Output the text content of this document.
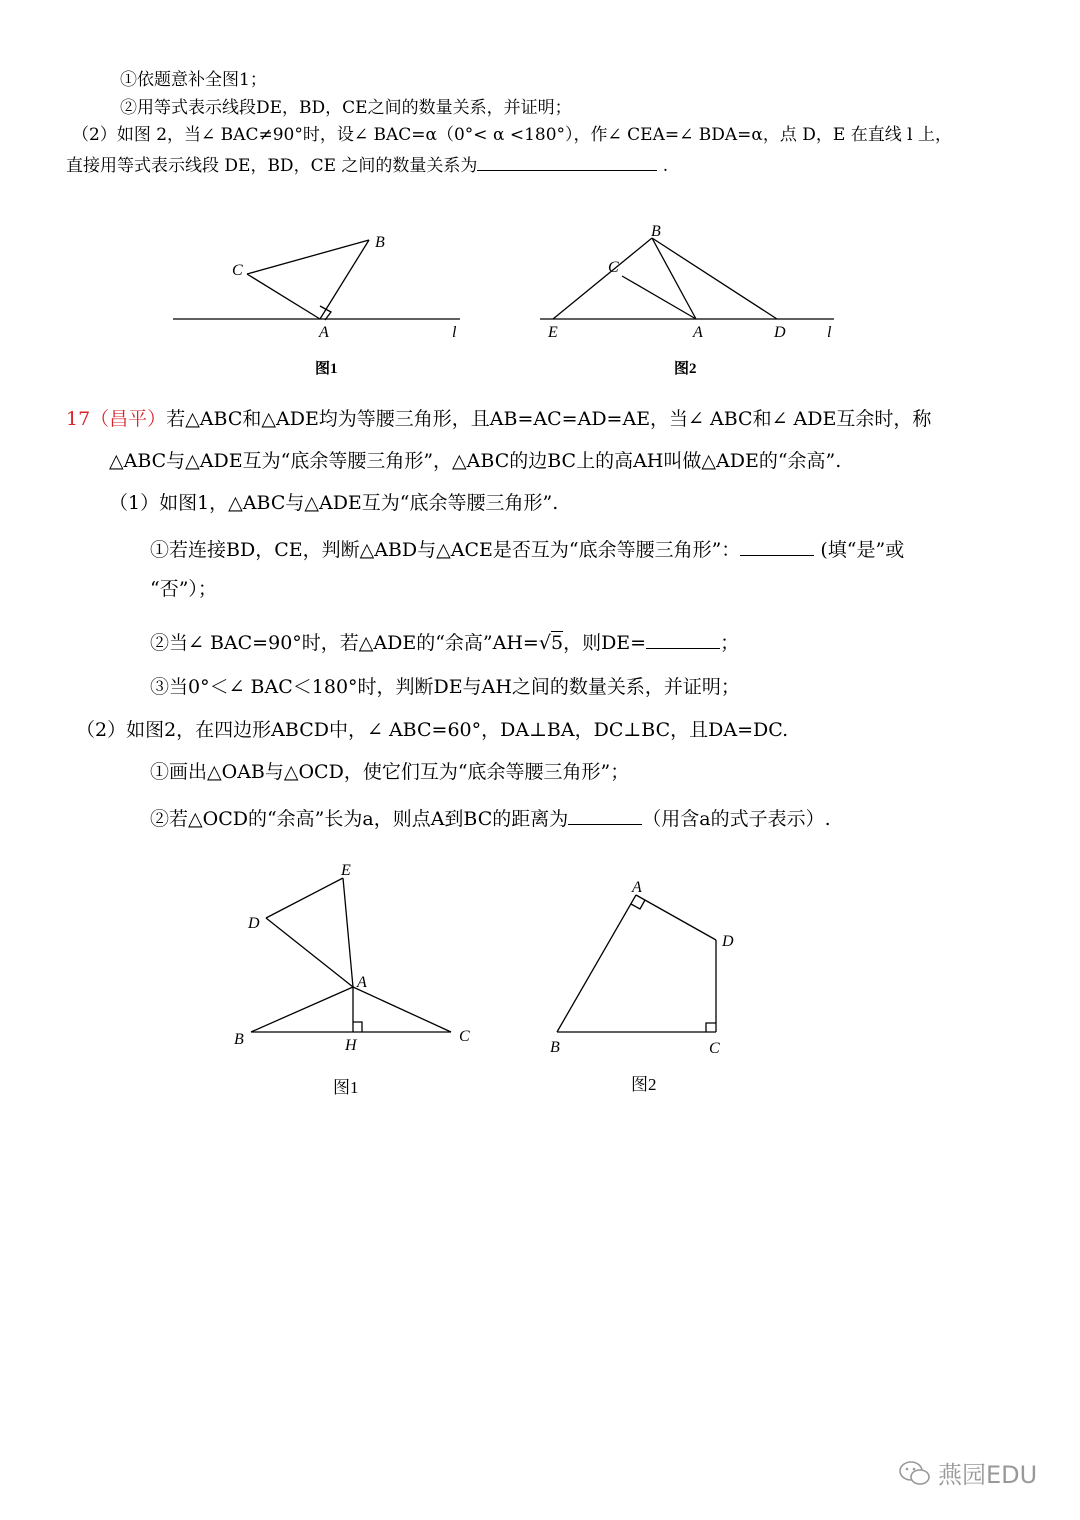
①依题意补全图1；
②用等式表示线段DE，BD，CE之间的数量关系，并证明；
（2）如图 2，当∠ BAC≠90°时，设∠ BAC=α（0°< α <180°），作∠ CEA=∠ BDA=α，点 D，E 在直线 l 上，
直接用等式表示线段 DE，BD，CE 之间的数量关系为	.
C
B
A	l
图1
B
C
E	A	D	l
图2
E
D
A
B	H
C
图1
A
D
B	C
图2
17（昌平）若△ABC和△ADE均为等腰三角形，且AB=AC=AD=AE，当∠ ABC和∠ ADE互余时，称
△ABC与△ADE互为“底余等腰三角形”，△ABC的边BC上的高AH叫做△ADE的“余高”.
（1）如图1，△ABC与△ADE互为“底余等腰三角形”.
①若连接BD，CE，判断△ABD与△ACE是否互为“底余等腰三角形”：	(填“是”或
“否”）；
②当∠ BAC=90°时，若△ADE的“余高”AH=√5，则DE=	；
③当0°＜∠ BAC＜180°时，判断DE与AH之间的数量关系，并证明；
（2）如图2，在四边形ABCD中，∠ ABC=60°，DA⊥BA，DC⊥BC，且DA=DC.
①画出△OAB与△OCD，使它们互为“底余等腰三角形”；
②若△OCD的“余高”长为a，则点A到BC的距离为	（用含a的式子表示）.
燕园EDU
